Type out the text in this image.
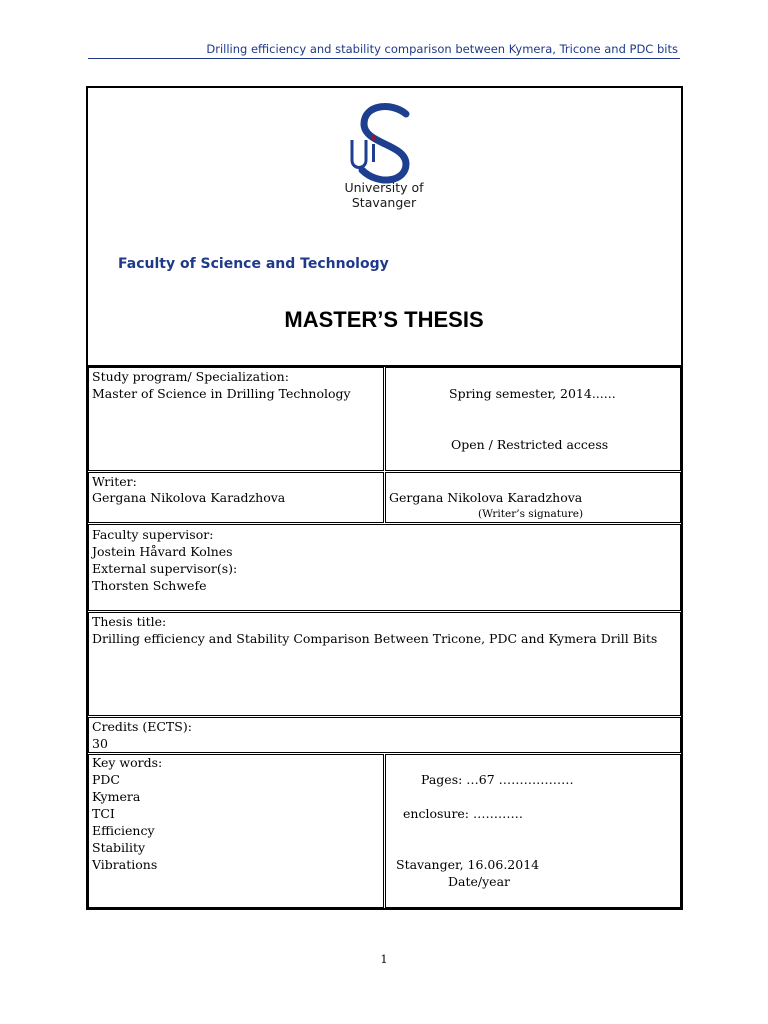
Drilling efficiency and stability comparison between Kymera, Tricone and PDC bits
University of
Stavanger
Faculty of Science and Technology
MASTER’S THESIS
Study program/ Specialization:
Master of Science in Drilling Technology	Spring semester, 2014......
Open / Restricted access
Writer:
Gergana Nikolova Karadzhova	Gergana Nikolova Karadzhova
(Writer’s signature)
Faculty supervisor:
Jostein Håvard Kolnes
External supervisor(s):
Thorsten Schwefe
Thesis title:
Drilling efficiency and Stability Comparison Between Tricone, PDC and Kymera Drill Bits
Credits (ECTS):
30
Key words:
PDC
Kymera
TCI
Efficiency
Stability
Vibrations
Pages: …67 ………………
enclosure: …………
Stavanger, 16.06.2014
Date/year
1
